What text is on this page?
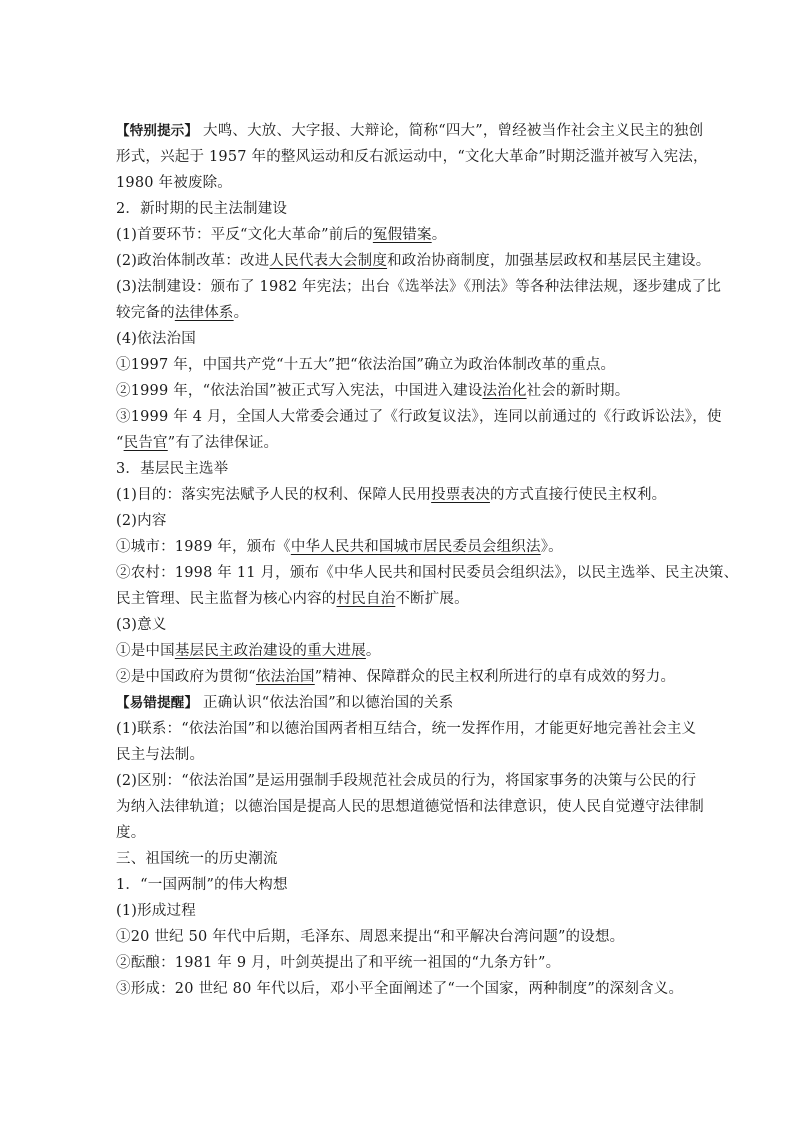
【特别提示】 大鸣、大放、大字报、大辩论，简称“四大”，曾经被当作社会主义民主的独创
形式，兴起于 1957 年的整风运动和反右派运动中，“文化大革命”时期泛滥并被写入宪法，
1980 年被废除。
2．新时期的民主法制建设
(1)首要环节：平反“文化大革命”前后的冤假错案。
(2)政治体制改革：改进人民代表大会制度和政治协商制度，加强基层政权和基层民主建设。
(3)法制建设：颁布了 1982 年宪法；出台《选举法》《刑法》等各种法律法规，逐步建成了比
较完备的法律体系。
(4)依法治国
①1997 年，中国共产党“十五大”把“依法治国”确立为政治体制改革的重点。
②1999 年，“依法治国”被正式写入宪法，中国进入建设法治化社会的新时期。
③1999 年 4 月，全国人大常委会通过了《行政复议法》，连同以前通过的《行政诉讼法》，使
“民告官”有了法律保证。
3．基层民主选举
(1)目的：落实宪法赋予人民的权利、保障人民用投票表决的方式直接行使民主权利。
(2)内容
①城市：1989 年，颁布《中华人民共和国城市居民委员会组织法》。
②农村：1998 年 11 月，颁布《中华人民共和国村民委员会组织法》，以民主选举、民主决策、
民主管理、民主监督为核心内容的村民自治不断扩展。
(3)意义
①是中国基层民主政治建设的重大进展。
②是中国政府为贯彻“依法治国”精神、保障群众的民主权利所进行的卓有成效的努力。
【易错提醒】 正确认识“依法治国”和以德治国的关系
(1)联系：“依法治国”和以德治国两者相互结合，统一发挥作用，才能更好地完善社会主义
民主与法制。
(2)区别：“依法治国”是运用强制手段规范社会成员的行为，将国家事务的决策与公民的行
为纳入法律轨道；以德治国是提高人民的思想道德觉悟和法律意识，使人民自觉遵守法律制
度。
三、祖国统一的历史潮流
1．“一国两制”的伟大构想
(1)形成过程
①20 世纪 50 年代中后期，毛泽东、周恩来提出“和平解决台湾问题”的设想。
②酝酿：1981 年 9 月，叶剑英提出了和平统一祖国的“九条方针”。
③形成：20 世纪 80 年代以后，邓小平全面阐述了“一个国家，两种制度”的深刻含义。
